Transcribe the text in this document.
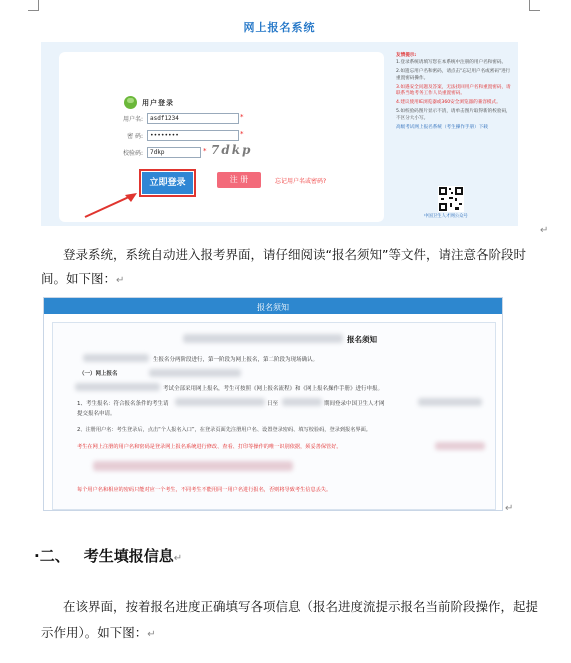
网上报名系统
用户登录
用户名:	asdf1234	*
密 码:	••••••••	*
校验码:	7dkp	* 7dkp
立即登录	注 册	忘记用户名或密码?
友情提示:
1.登录系统请填写您在本系统中注册的用户名和密码。
2.如遗忘用户名和密码，请点击"忘记用户名或密码"进行重置密码操作。
3.如遇安全问题及答案，无法找回用户名和重置密码，请联系当地考务工作人员重置密码。
4.建议使用IE浏览器或360安全浏览器的兼容模式。
5.如校验码图片显示不清，请单击图片取得新的校验码，不区分大小写。
高级考试网上报名系统（考生操作手册）下载
中国卫生人才网公众号
↵
登录系统，系统自动进入报考界面，请仔细阅读“报名须知”等文件，请注意各阶段时
间。如下图：↵
报名须知
报名须知
生报名分两阶段进行，第一阶段为网上报名，第二阶段为现场确认。
（一）网上报名
考试全部采用网上报名，考生可按照《网上报名流程》和《网上报名操作手册》进行申报。
1、考生报名：符合报名条件的考生请	日至	期间登录中国卫生人才网
提交报名申请。
2、注册用户名：考生登录后，点击“个人报名入口”，在登录页面先注册用户名、设置登录密码、填写校验码，登录到报名界面。
考生在网上注册的用户名和密码是登录网上报名系统进行修改、查看、打印等操作的唯一识别依据，须妥善保管好。
每个用户名和相应的密码只能对应一个考生，不同考生不能用同一用户名进行报名，否则将导致考生信息丢失。
↵
·二、 考生填报信息↵
在该界面，按着报名进度正确填写各项信息（报名进度流提示报名当前阶段操作，起提
示作用）。如下图：↵
